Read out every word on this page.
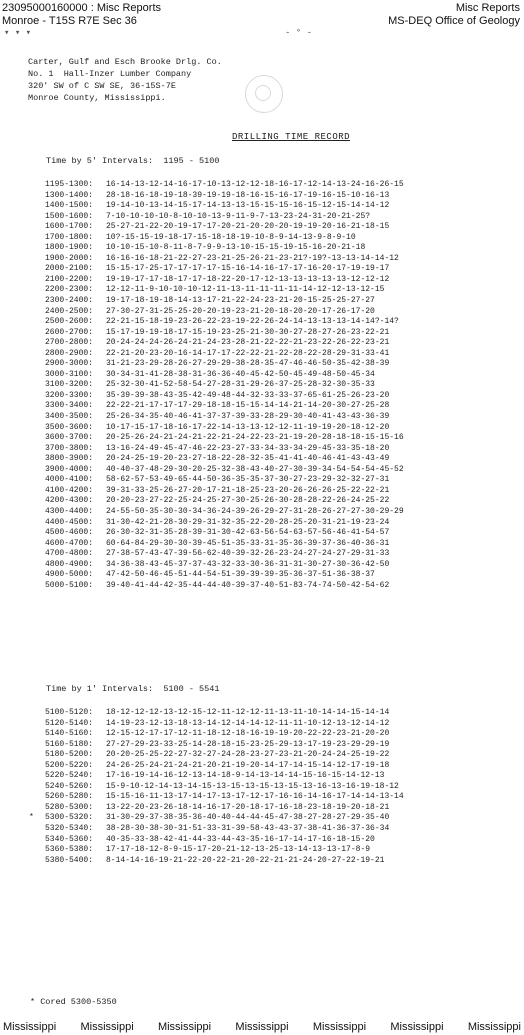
23095000160000 : Misc Reports
Monroe - T15S R7E Sec 36
Misc Reports
MS-DEQ Office of Geology
▾ ▾ ▾	- ° -
Carter, Gulf and Esch Brooke Drlg. Co.
No. 1  Hall-Inzer Lumber Company
320' SW of C SW SE, 36-15S-7E
Monroe County, Mississippi.
DRILLING TIME RECORD
Time by 5' Intervals:  1195 - 5100
1195-1300:	16-14-13-12-14-16-17-10-13-12-12-18-16-17-12-14-13-24-16-26-15
1300-1400:	28-18-16-18-19-18-39-19-19-18-16-15-16-17-19-16-15-10-16-13
1400-1500:	19-14-10-13-14-15-17-14-13-13-15-15-15-16-15-12-15-14-14-12
1500-1600:	7-10-10-10-10-8-10-10-13-9-11-9-7-13-23-24-31-20-21-25?
1600-1700:	25-27-21-22-20-19-17-17-20-21-20-20-20-19-19-20-16-21-18-15
1700-1800:	10?-15-15-19-18-17-15-18-18-19-10-8-9-14-13-9-8-9-10
1800-1900:	10-10-15-10-8-11-8-7-9-9-13-10-15-15-19-15-16-20-21-18
1900-2000:	16-16-16-18-21-22-27-23-21-25-26-21-23-21?-19?-13-13-14-14-12
2000-2100:	15-15-17-25-17-17-17-17-15-16-14-16-17-17-16-20-17-19-19-17
2100-2200:	19-19-17-17-18-17-17-18-22-20-17-12-13-13-13-13-13-12-12-12
2200-2300:	12-12-11-9-10-10-10-12-11-13-11-11-11-11-14-12-12-13-12-15
2300-2400:	19-17-18-19-18-14-13-17-21-22-24-23-21-20-15-25-25-27-27
2400-2500:	27-30-27-31-25-25-20-20-19-23-21-20-18-20-20-17-26-17-20
2500-2600:	22-21-15-18-19-23-26-22-23-19-22-26-24-14-13-13-13-14-14?-14?
2600-2700:	15-17-19-19-18-17-15-19-23-25-21-30-30-27-28-27-26-23-22-21
2700-2800:	20-24-24-24-26-24-21-24-23-28-21-22-22-21-23-22-26-22-23-21
2800-2900:	22-21-20-23-20-16-14-17-17-22-22-21-22-28-22-28-29-31-33-41
2900-3000:	31-21-23-29-28-26-27-29-29-38-28-35-47-46-46-50-35-42-38-39
3000-3100:	30-34-31-41-28-38-31-36-36-40-45-42-50-45-49-48-50-45-34
3100-3200:	25-32-30-41-52-58-54-27-28-31-29-26-37-25-28-32-30-35-33
3200-3300:	35-39-39-38-43-35-42-49-48-44-32-33-33-37-65-61-25-26-23-20
3300-3400:	22-22-21-17-17-17-29-18-18-15-15-14-14-21-14-20-30-27-25-28
3400-3500:	25-26-34-35-40-46-41-37-37-39-33-28-29-30-40-41-43-43-36-39
3500-3600:	10-17-15-17-18-16-17-22-14-13-13-12-12-11-19-19-20-18-12-20
3600-3700:	20-25-26-24-21-24-21-22-21-24-22-23-21-19-20-28-18-18-15-15-16
3700-3800:	13-16-24-49-45-47-46-22-23-27-33-34-33-34-29-45-33-35-18-20
3800-3900:	20-24-25-19-20-23-27-18-22-28-32-35-41-41-40-46-41-43-43-49
3900-4000:	40-40-37-48-29-30-20-25-32-38-43-40-27-30-39-34-54-54-54-45-52
4000-4100:	58-62-57-53-49-65-44-50-36-35-35-37-30-27-23-29-32-32-27-31
4100-4200:	39-31-33-25-26-27-20-17-21-18-25-23-20-26-26-26-25-22-22-21
4200-4300:	20-20-23-27-22-25-24-25-27-30-25-26-30-28-28-22-26-24-25-22
4300-4400:	24-55-50-35-30-30-34-36-24-39-26-29-27-31-28-26-27-27-30-29-29
4400-4500:	31-30-42-21-28-30-29-31-32-35-22-20-28-25-20-31-21-19-23-24
4500-4600:	26-30-32-31-35-28-39-31-30-42-63-56-54-63-57-56-46-41-54-57
4600-4700:	60-64-84-29-30-30-39-45-51-35-33-31-35-36-39-37-36-40-36-31
4700-4800:	27-38-57-43-47-39-56-62-40-39-32-26-23-24-27-24-27-29-31-33
4800-4900:	34-36-38-43-45-37-37-43-32-33-30-36-31-31-30-27-30-36-42-50
4900-5000:	47-42-50-46-45-51-44-54-51-39-39-39-35-36-37-51-36-38-37
5000-5100:	39-40-41-44-42-35-44-44-40-39-37-40-51-83-74-74-50-42-54-62
Time by 1' Intervals:  5100 - 5541
5100-5120:	18-12-12-12-13-12-15-12-11-12-12-11-13-11-10-14-14-15-14-14
5120-5140:	14-19-23-12-13-18-13-14-12-14-14-12-11-11-10-12-13-12-14-12
5140-5160:	12-15-12-17-17-12-11-18-12-18-16-19-19-20-22-22-23-21-20-20
5160-5180:	27-27-29-23-33-25-14-28-18-15-23-25-29-13-17-19-23-29-29-19
5180-5200:	20-20-25-25-22-27-32-27-24-28-23-27-23-21-20-24-24-25-19-22
5200-5220:	24-26-25-24-21-24-21-20-21-19-20-14-17-14-15-14-12-17-19-18
5220-5240:	17-16-19-14-16-12-13-14-18-9-14-13-14-14-15-16-15-14-12-13
5240-5260:	15-9-10-12-14-13-14-15-13-15-13-15-13-15-13-16-13-16-19-18-12
5260-5280:	15-15-16-11-13-17-14-17-13-17-12-17-16-16-14-16-17-14-14-13-14
5280-5300:	13-22-20-23-26-18-14-16-17-20-18-17-16-18-23-18-19-20-18-21
* 5300-5320:	31-30-29-37-38-35-36-40-40-44-44-45-47-38-27-28-27-29-35-40
5320-5340:	38-28-30-38-30-31-51-33-31-39-58-43-43-37-38-41-36-37-36-34
5340-5360:	40-35-33-38-42-41-44-33-44-43-35-16-17-14-17-16-18-15-20
5360-5380:	17-17-18-12-8-9-15-17-20-21-12-13-25-13-14-13-13-17-8-9
5380-5400:	8-14-14-16-19-21-22-20-22-21-20-22-21-21-24-20-27-22-19-21
* Cored 5300-5350
Mississippi Mississippi Mississippi Mississippi Mississippi Mississippi Mississippi
